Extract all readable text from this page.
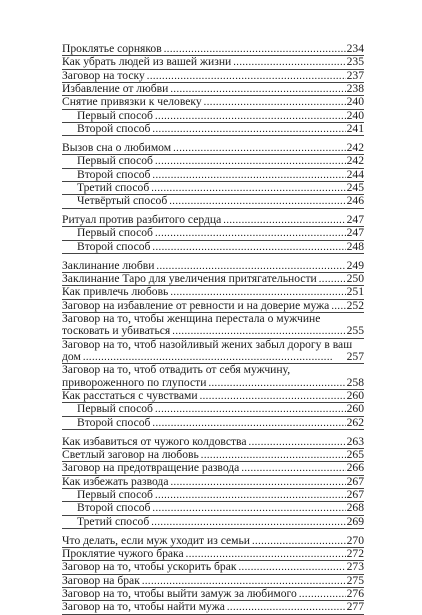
Проклятье сорняков . . .	234
Как убрать людей из вашей жизни . . .	235
Заговор на тоску . . .	237
Избавление от любви . . .	238
Снятие привязки к человеку . . .	240
Первый способ . . .	240
Второй способ . . .	241
Вызов сна о любимом . . .	242
Первый способ . . .	242
Второй способ . . .	244
Третий способ . . .	245
Четвёртый способ . . .	246
Ритуал против разбитого сердца . . .	247
Первый способ . . .	247
Второй способ . . .	248
Заклинание любви . . .	249
Заклинание Таро для увеличения притягательности . . .	250
Как привлечь любовь . . .	251
Заговор на избавление от ревности и на доверие мужа . . . 252
Заговор на то, чтобы женщина перестала о мужчине
тосковать и убиваться . . .	255
Заговор на то, чтоб назойливый жених забыл дорогу в ваш
дом . . .	257
Заговор на то, чтоб отвадить от себя мужчину,
привороженного по глупости . . .	258
Как расстаться с чувствами . . .	260
Первый способ . . .	260
Второй способ . . .	262
Как избавиться от чужого колдовства . . .	263
Светлый заговор на любовь . . .	265
Заговор на предотвращение развода . . .	266
Как избежать развода . . .	267
Первый способ . . .	267
Второй способ . . .	268
Третий способ . . .	269
Что делать, если муж уходит из семьи . . .	270
Проклятие чужого брака . . .	272
Заговор на то, чтобы ускорить брак . . .	273
Заговор на брак . . .	275
Заговор на то, чтобы выйти замуж за любимого . . .	276
Заговор на то, чтобы найти мужа . . .	277
